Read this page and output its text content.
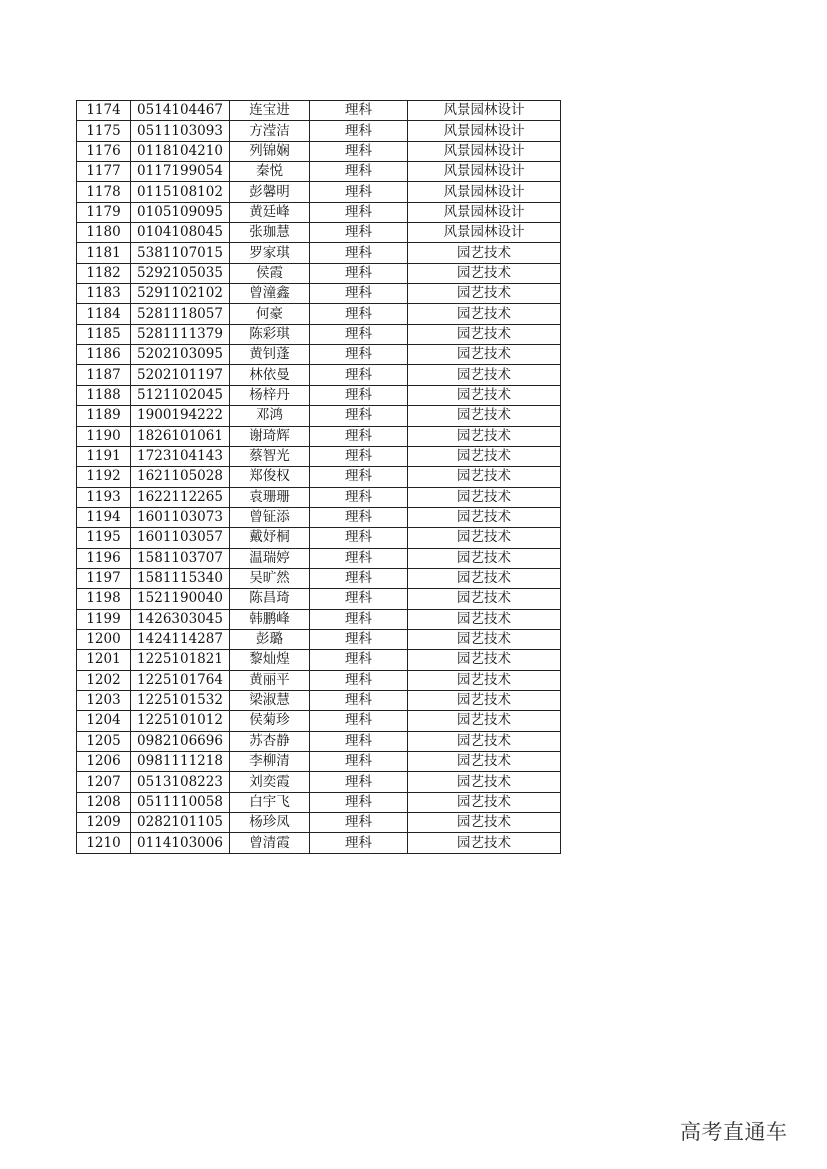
1174	0514104467	连宝进	理科	风景园林设计
1175	0511103093	方滢洁	理科	风景园林设计
1176	0118104210	列锦娴	理科	风景园林设计
1177	0117199054	秦悦	理科	风景园林设计
1178	0115108102	彭馨明	理科	风景园林设计
1179	0105109095	黄廷峰	理科	风景园林设计
1180	0104108045	张珈慧	理科	风景园林设计
1181	5381107015	罗家琪	理科	园艺技术
1182	5292105035	侯霞	理科	园艺技术
1183	5291102102	曾潼鑫	理科	园艺技术
1184	5281118057	何豪	理科	园艺技术
1185	5281111379	陈彩琪	理科	园艺技术
1186	5202103095	黄钊蓬	理科	园艺技术
1187	5202101197	林依曼	理科	园艺技术
1188	5121102045	杨梓丹	理科	园艺技术
1189	1900194222	邓鸿	理科	园艺技术
1190	1826101061	谢琦辉	理科	园艺技术
1191	1723104143	蔡智光	理科	园艺技术
1192	1621105028	郑俊权	理科	园艺技术
1193	1622112265	袁珊珊	理科	园艺技术
1194	1601103073	曾钲添	理科	园艺技术
1195	1601103057	戴妤桐	理科	园艺技术
1196	1581103707	温瑞婷	理科	园艺技术
1197	1581115340	吴旷然	理科	园艺技术
1198	1521190040	陈昌琦	理科	园艺技术
1199	1426303045	韩鹏峰	理科	园艺技术
1200	1424114287	彭璐	理科	园艺技术
1201	1225101821	黎灿煌	理科	园艺技术
1202	1225101764	黄丽平	理科	园艺技术
1203	1225101532	梁淑慧	理科	园艺技术
1204	1225101012	侯菊珍	理科	园艺技术
1205	0982106696	苏杏静	理科	园艺技术
1206	0981111218	李柳清	理科	园艺技术
1207	0513108223	刘奕霞	理科	园艺技术
1208	0511110058	白宇飞	理科	园艺技术
1209	0282101105	杨珍凤	理科	园艺技术
1210	0114103006	曾清霞	理科	园艺技术
高考直通车
